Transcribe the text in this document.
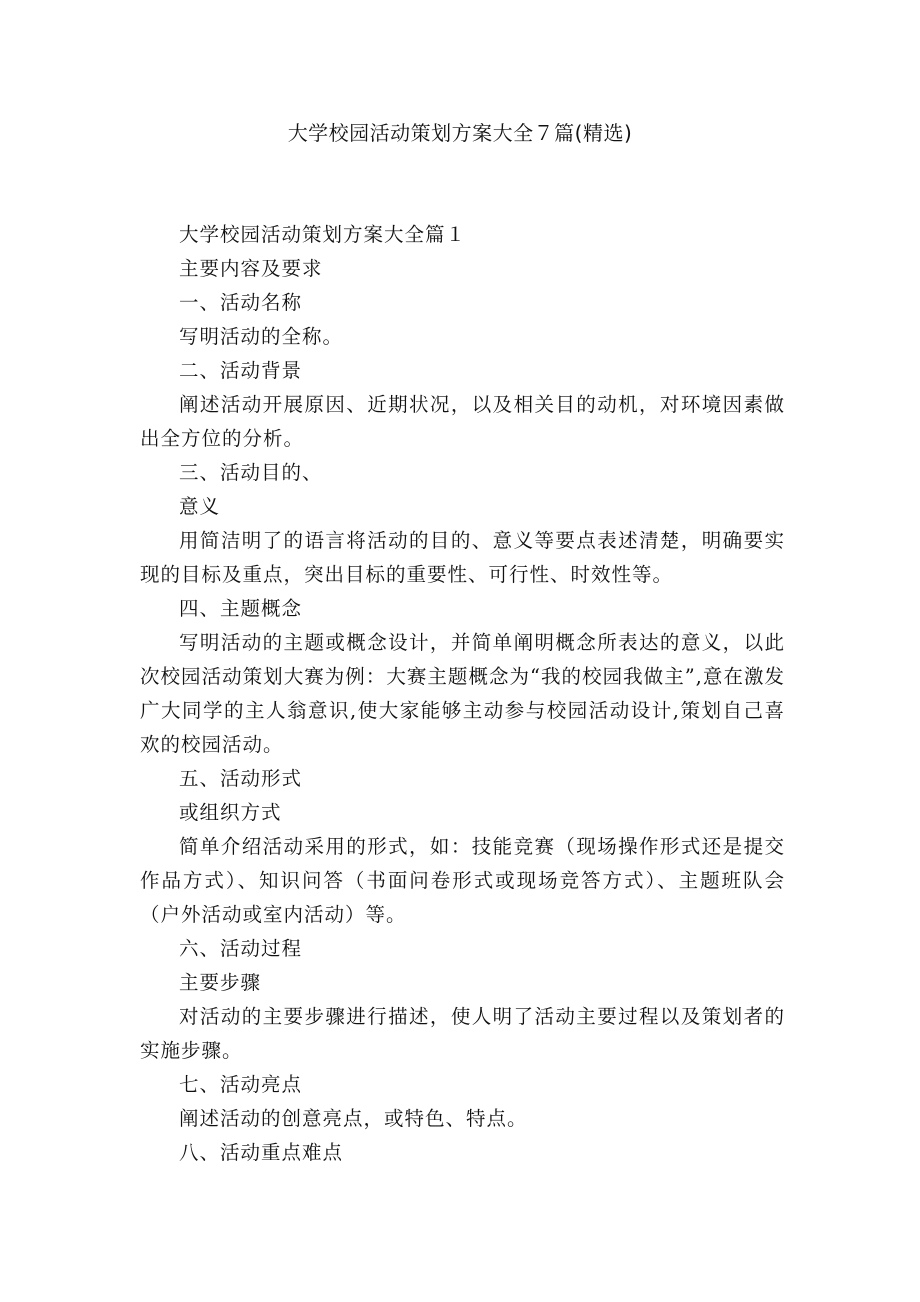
大学校园活动策划方案大全７篇(精选)

大学校园活动策划方案大全篇１

主要内容及要求

一、活动名称

写明活动的全称。

二、活动背景

阐述活动开展原因、近期状况，以及相关目的动机，对环境因素做出全方位的分析。

三、活动目的、

意义

用简洁明了的语言将活动的目的、意义等要点表述清楚，明确要实现的目标及重点，突出目标的重要性、可行性、时效性等。

四、主题概念

写明活动的主题或概念设计，并简单阐明概念所表达的意义，以此次校园活动策划大赛为例：大赛主题概念为“我的校园我做主”,意在激发广大同学的主人翁意识,使大家能够主动参与校园活动设计,策划自己喜欢的校园活动。

五、活动形式

或组织方式

简单介绍活动采用的形式，如：技能竞赛（现场操作形式还是提交作品方式）、知识问答（书面问卷形式或现场竞答方式）、主题班队会（户外活动或室内活动）等。

六、活动过程

主要步骤

对活动的主要步骤进行描述，使人明了活动主要过程以及策划者的实施步骤。

七、活动亮点

阐述活动的创意亮点，或特色、特点。

八、活动重点难点
